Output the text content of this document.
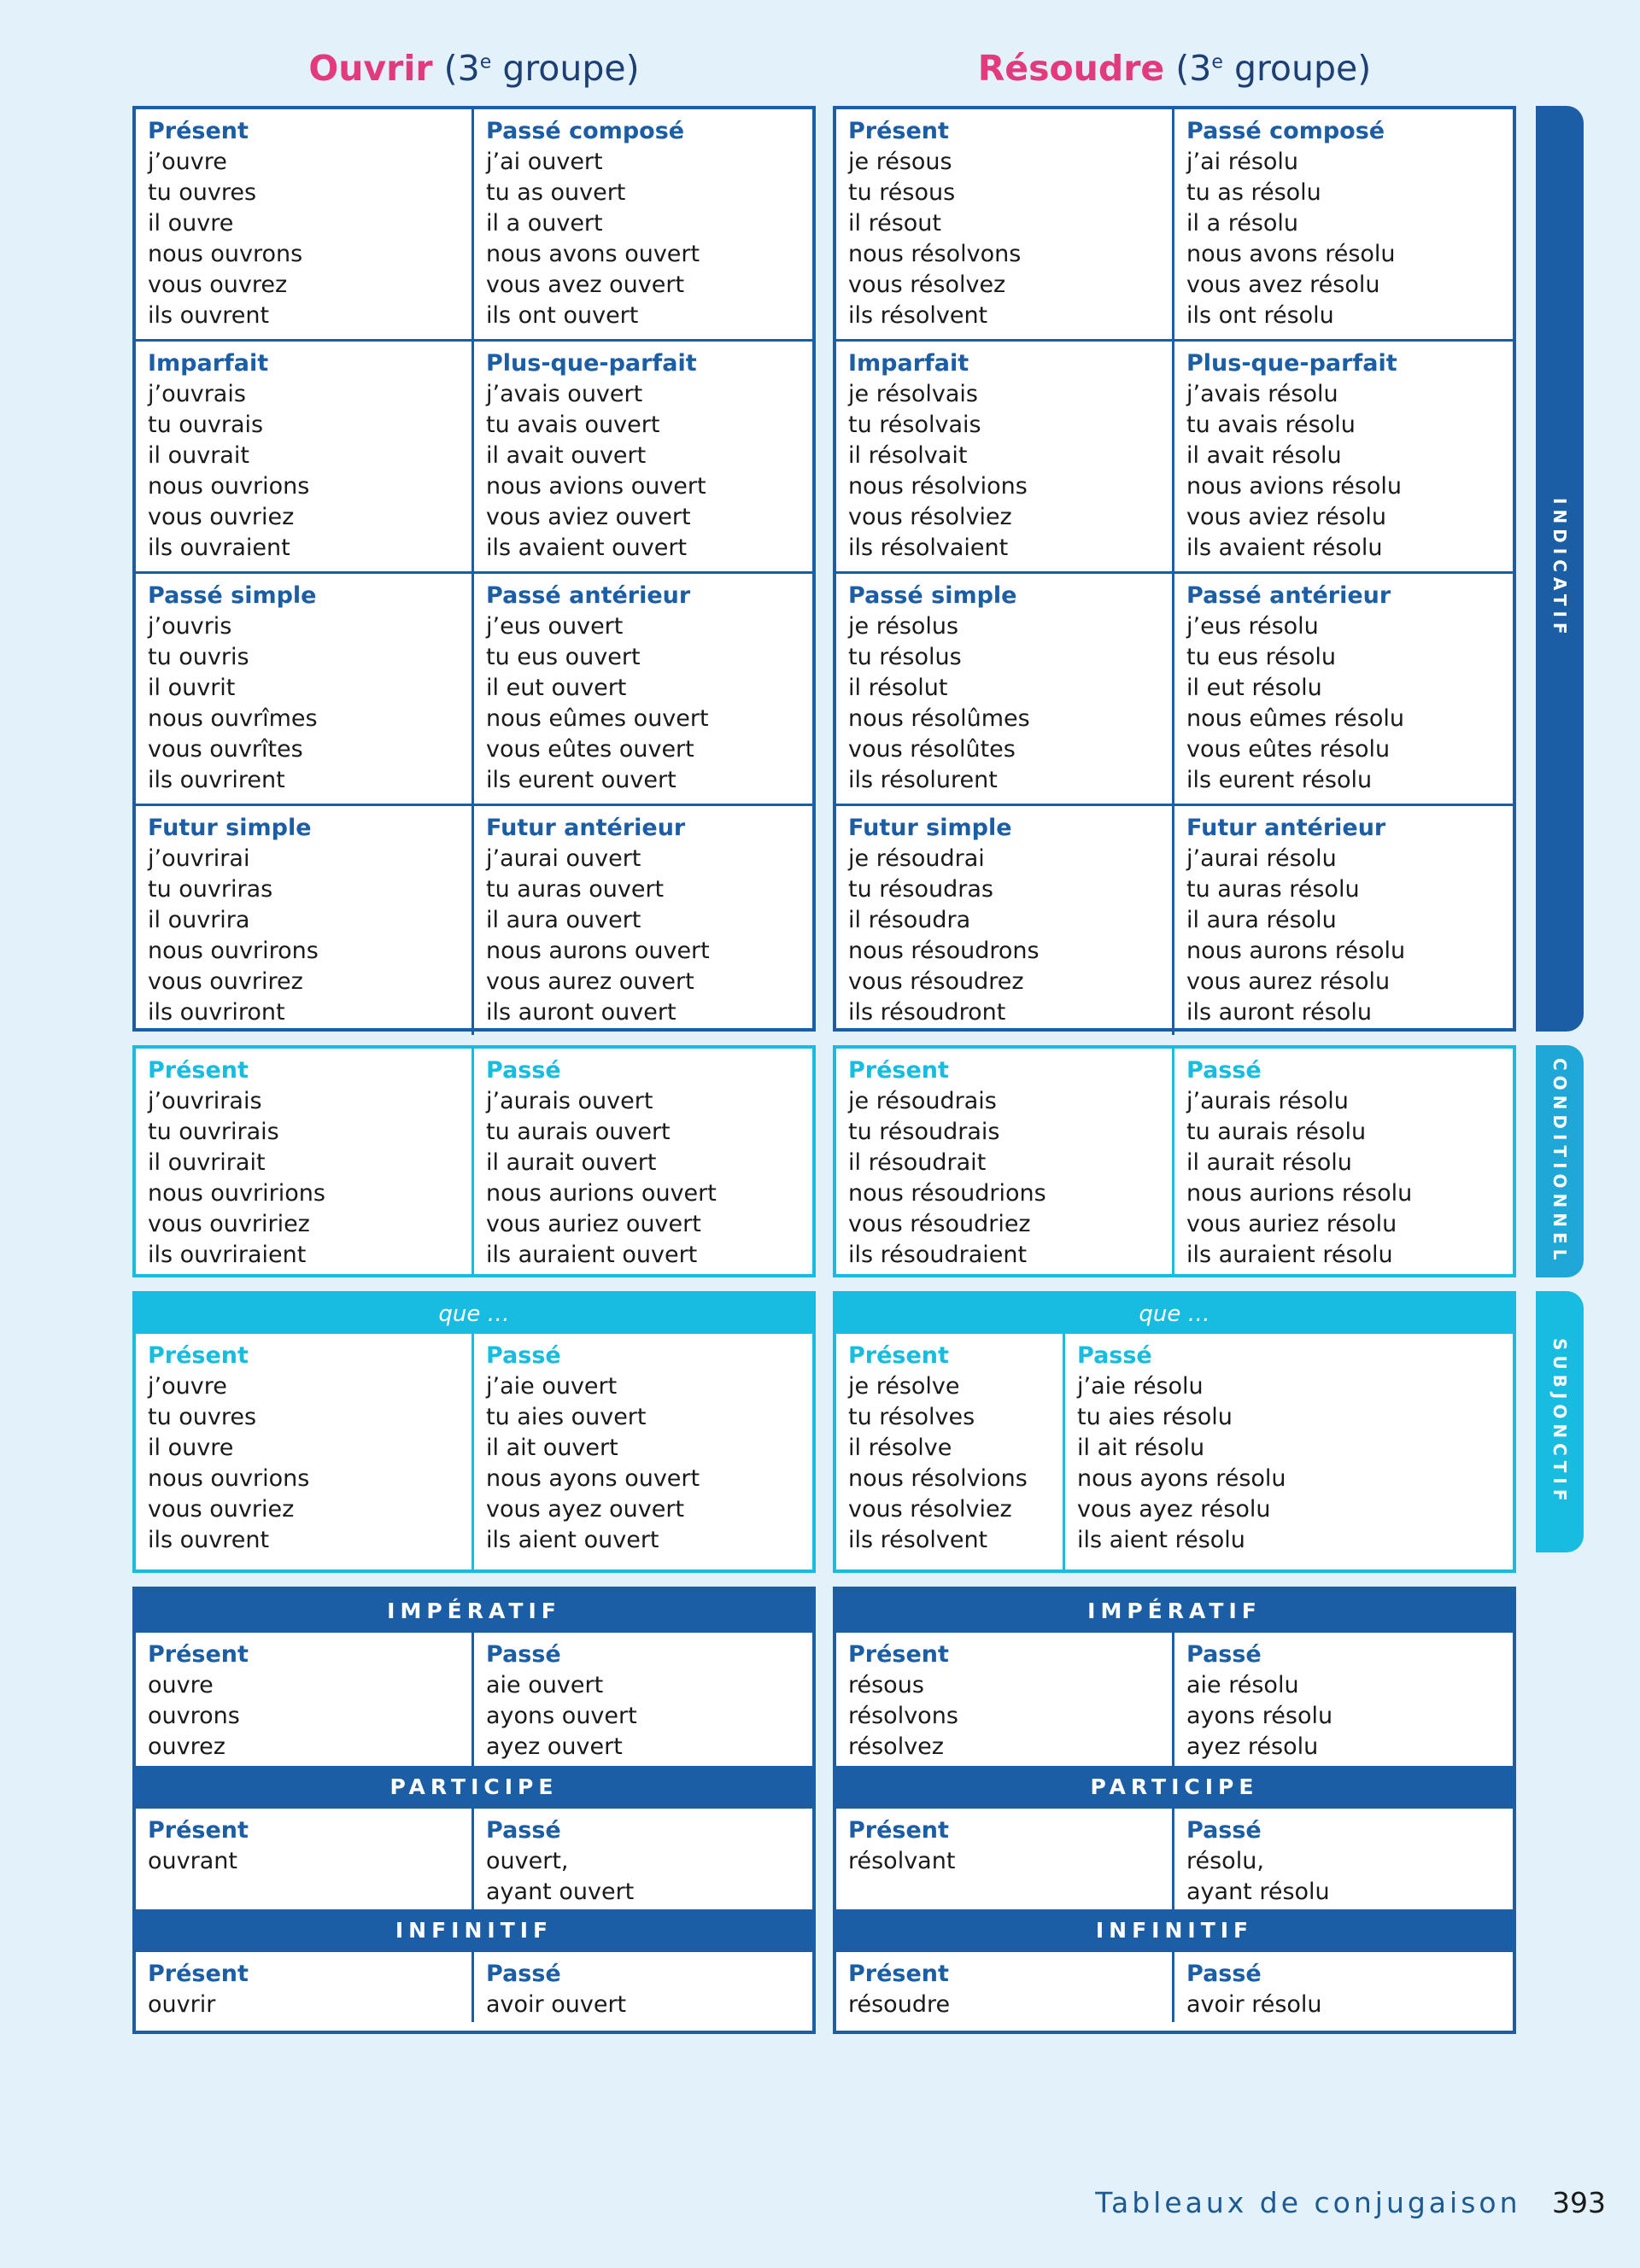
Ouvrir (3e groupe)	Résoudre (3e groupe)
Présent
j’ouvre
tu ouvres
il ouvre
nous ouvrons
vous ouvrez
ils ouvrent
Passé composé
j’ai ouvert
tu as ouvert
il a ouvert
nous avons ouvert
vous avez ouvert
ils ont ouvert
Imparfait
j’ouvrais
tu ouvrais
il ouvrait
nous ouvrions
vous ouvriez
ils ouvraient
Plus-que-parfait
j’avais ouvert
tu avais ouvert
il avait ouvert
nous avions ouvert
vous aviez ouvert
ils avaient ouvert
Passé simple
j’ouvris
tu ouvris
il ouvrit
nous ouvrîmes
vous ouvrîtes
ils ouvrirent
Passé antérieur
j’eus ouvert
tu eus ouvert
il eut ouvert
nous eûmes ouvert
vous eûtes ouvert
ils eurent ouvert
Futur simple
j’ouvrirai
tu ouvriras
il ouvrira
nous ouvrirons
vous ouvrirez
ils ouvriront
Futur antérieur
j’aurai ouvert
tu auras ouvert
il aura ouvert
nous aurons ouvert
vous aurez ouvert
ils auront ouvert
Présent
j’ouvrirais
tu ouvrirais
il ouvrirait
nous ouvririons
vous ouvririez
ils ouvriraient
Passé
j’aurais ouvert
tu aurais ouvert
il aurait ouvert
nous aurions ouvert
vous auriez ouvert
ils auraient ouvert
que …
Présent
j’ouvre
tu ouvres
il ouvre
nous ouvrions
vous ouvriez
ils ouvrent
Passé
j’aie ouvert
tu aies ouvert
il ait ouvert
nous ayons ouvert
vous ayez ouvert
ils aient ouvert
IMPÉRATIF
Présent
ouvre
ouvrons
ouvrez
Passé
aie ouvert
ayons ouvert
ayez ouvert
PARTICIPE
Présent
ouvrant
Passé
ouvert,
ayant ouvert
INFINITIF
Présent
ouvrir
Passé
avoir ouvert
Présent
je résous
tu résous
il résout
nous résolvons
vous résolvez
ils résolvent
Passé composé
j’ai résolu
tu as résolu
il a résolu
nous avons résolu
vous avez résolu
ils ont résolu
Imparfait
je résolvais
tu résolvais
il résolvait
nous résolvions
vous résolviez
ils résolvaient
Plus-que-parfait
j’avais résolu
tu avais résolu
il avait résolu
nous avions résolu
vous aviez résolu
ils avaient résolu
Passé simple
je résolus
tu résolus
il résolut
nous résolûmes
vous résolûtes
ils résolurent
Passé antérieur
j’eus résolu
tu eus résolu
il eut résolu
nous eûmes résolu
vous eûtes résolu
ils eurent résolu
Futur simple
je résoudrai
tu résoudras
il résoudra
nous résoudrons
vous résoudrez
ils résoudront
Futur antérieur
j’aurai résolu
tu auras résolu
il aura résolu
nous aurons résolu
vous aurez résolu
ils auront résolu
Présent
je résoudrais
tu résoudrais
il résoudrait
nous résoudrions
vous résoudriez
ils résoudraient
Passé
j’aurais résolu
tu aurais résolu
il aurait résolu
nous aurions résolu
vous auriez résolu
ils auraient résolu
que …
Présent
je résolve
tu résolves
il résolve
nous résolvions
vous résolviez
ils résolvent
Passé
j’aie résolu
tu aies résolu
il ait résolu
nous ayons résolu
vous ayez résolu
ils aient résolu
IMPÉRATIF
Présent
résous
résolvons
résolvez
Passé
aie résolu
ayons résolu
ayez résolu
PARTICIPE
Présent
résolvant
Passé
résolu,
ayant résolu
INFINITIF
Présent
résoudre
Passé
avoir résolu
INDICATIF
CONDITIONNEL
SUBJONCTIF
Tableaux de conjugaison 393
